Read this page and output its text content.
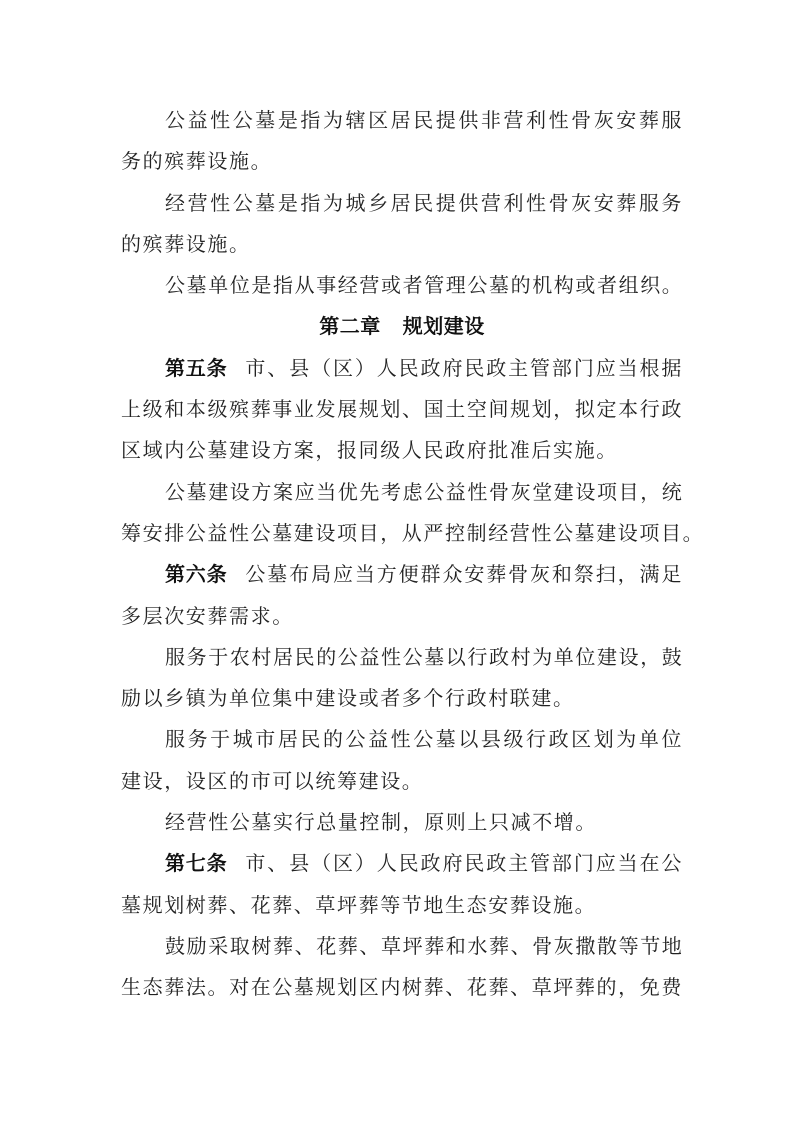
公益性公墓是指为辖区居民提供非营利性骨灰安葬服
务的殡葬设施。
经营性公墓是指为城乡居民提供营利性骨灰安葬服务
的殡葬设施。
公墓单位是指从事经营或者管理公墓的机构或者组织。
第二章 规划建设
第五条 市、县（区）人民政府民政主管部门应当根据
上级和本级殡葬事业发展规划、国土空间规划，拟定本行政
区域内公墓建设方案，报同级人民政府批准后实施。
公墓建设方案应当优先考虑公益性骨灰堂建设项目，统
筹安排公益性公墓建设项目，从严控制经营性公墓建设项目。
第六条 公墓布局应当方便群众安葬骨灰和祭扫，满足
多层次安葬需求。
服务于农村居民的公益性公墓以行政村为单位建设，鼓
励以乡镇为单位集中建设或者多个行政村联建。
服务于城市居民的公益性公墓以县级行政区划为单位
建设，设区的市可以统筹建设。
经营性公墓实行总量控制，原则上只减不增。
第七条 市、县（区）人民政府民政主管部门应当在公
墓规划树葬、花葬、草坪葬等节地生态安葬设施。
鼓励采取树葬、花葬、草坪葬和水葬、骨灰撒散等节地
生态葬法。对在公墓规划区内树葬、花葬、草坪葬的，免费
